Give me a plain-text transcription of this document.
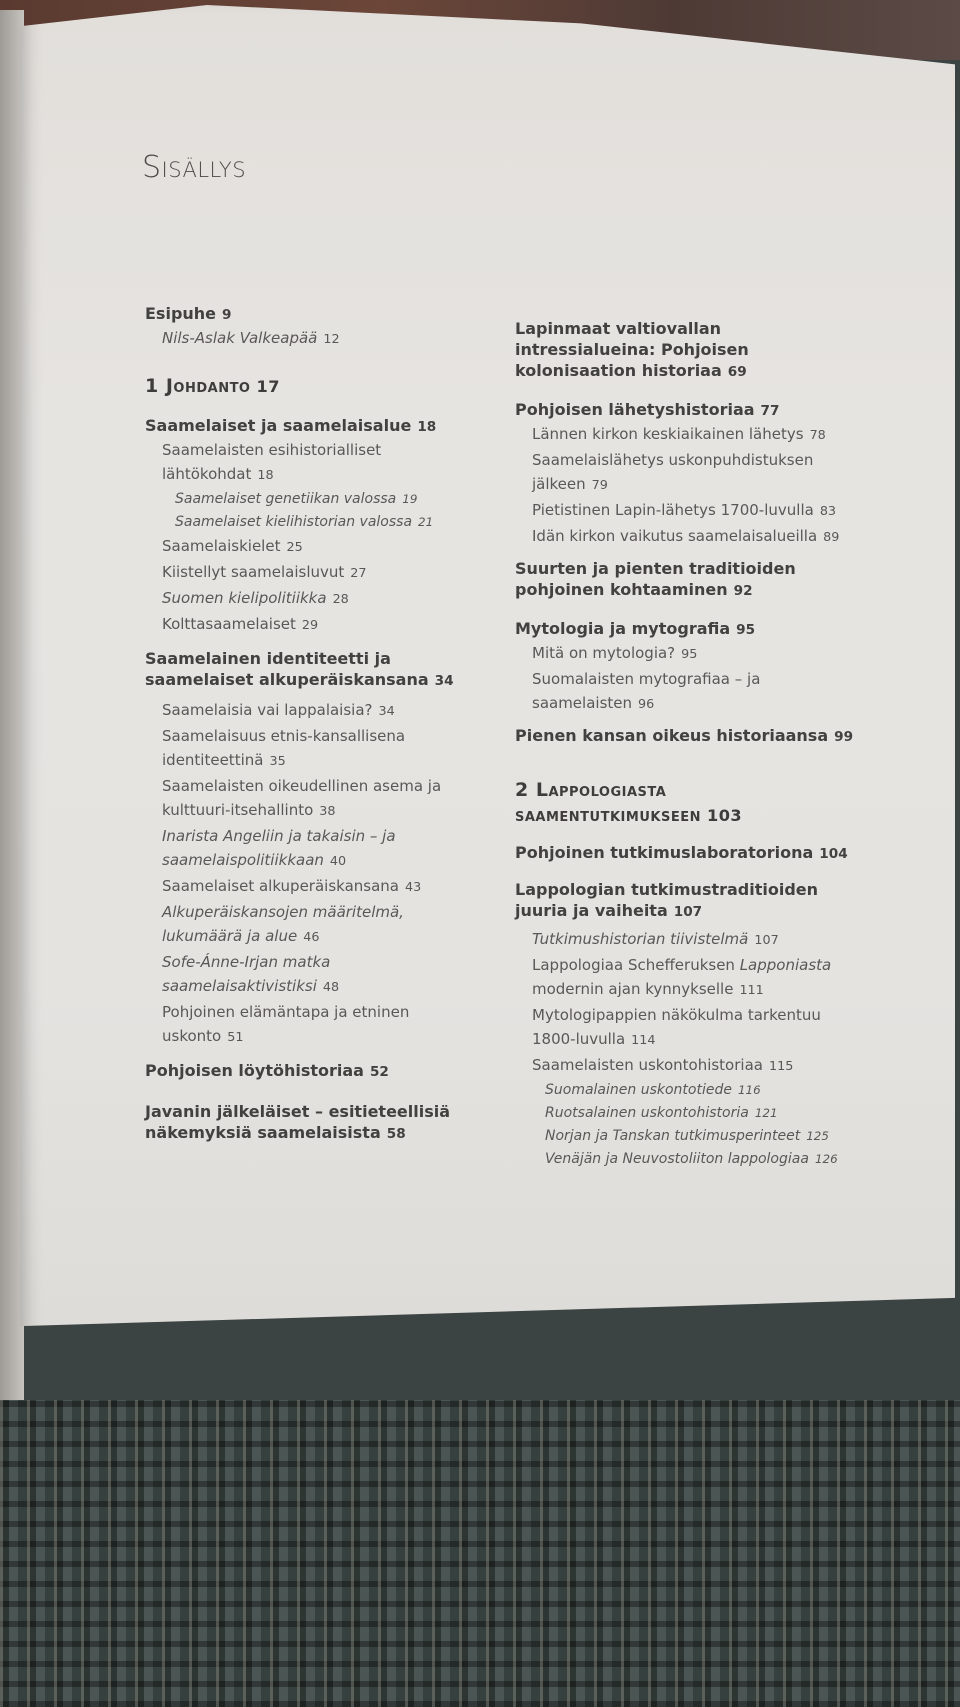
Sisällys
Esipuhe 9
Nils-Aslak Valkeapää 12
1 Johdanto 17
Saamelaiset ja saamelaisalue 18
Saamelaisten esihistorialliset lähtökohdat 18
Saamelaiset genetiikan valossa 19
Saamelaiset kielihistorian valossa 21
Saamelaiskielet 25
Kiistellyt saamelaisluvut 27
Suomen kielipolitiikka 28
Kolttasaamelaiset 29
Saamelainen identiteetti ja saamelaiset alkuperäiskansana 34
Saamelaisia vai lappalaisia? 34
Saamelaisuus etnis-kansallisena identiteettinä 35
Saamelaisten oikeudellinen asema ja kulttuuri-itsehallinto 38
Inarista Angeliin ja takaisin – ja saamelaispolitiikkaan 40
Saamelaiset alkuperäiskansana 43
Alkuperäiskansojen määritelmä, lukumäärä ja alue 46
Sofe-Ánne-Irjan matka saamelaisaktivistiksi 48
Pohjoinen elämäntapa ja etninen uskonto 51
Pohjoisen löytöhistoriaa 52
Javanin jälkeläiset – esitieteellisiä näkemyksiä saamelaisista 58
Lapinmaat valtiovallan intressialueina: Pohjoisen kolonisaation historiaa 69
Pohjoisen lähetyshistoriaa 77
Lännen kirkon keskiaikainen lähetys 78
Saamelaislähetys uskonpuhdistuksen jälkeen 79
Pietistinen Lapin-lähetys 1700-luvulla 83
Idän kirkon vaikutus saamelaisalueilla 89
Suurten ja pienten traditioiden pohjoinen kohtaaminen 92
Mytologia ja mytografia 95
Mitä on mytologia? 95
Suomalaisten mytografiaa – ja saamelaisten 96
Pienen kansan oikeus historiaansa 99
2 Lappologiasta saamentutkimukseen 103
Pohjoinen tutkimuslaboratoriona 104
Lappologian tutkimustraditioiden juuria ja vaiheita 107
Tutkimushistorian tiivistelmä 107
Lappologiaa Schefferuksen Lapponiasta modernin ajan kynnykselle 111
Mytologipappien näkökulma tarkentuu 1800-luvulla 114
Saamelaisten uskontohistoriaa 115
Suomalainen uskontotiede 116
Ruotsalainen uskontohistoria 121
Norjan ja Tanskan tutkimusperinteet 125
Venäjän ja Neuvostoliiton lappologiaa 126
